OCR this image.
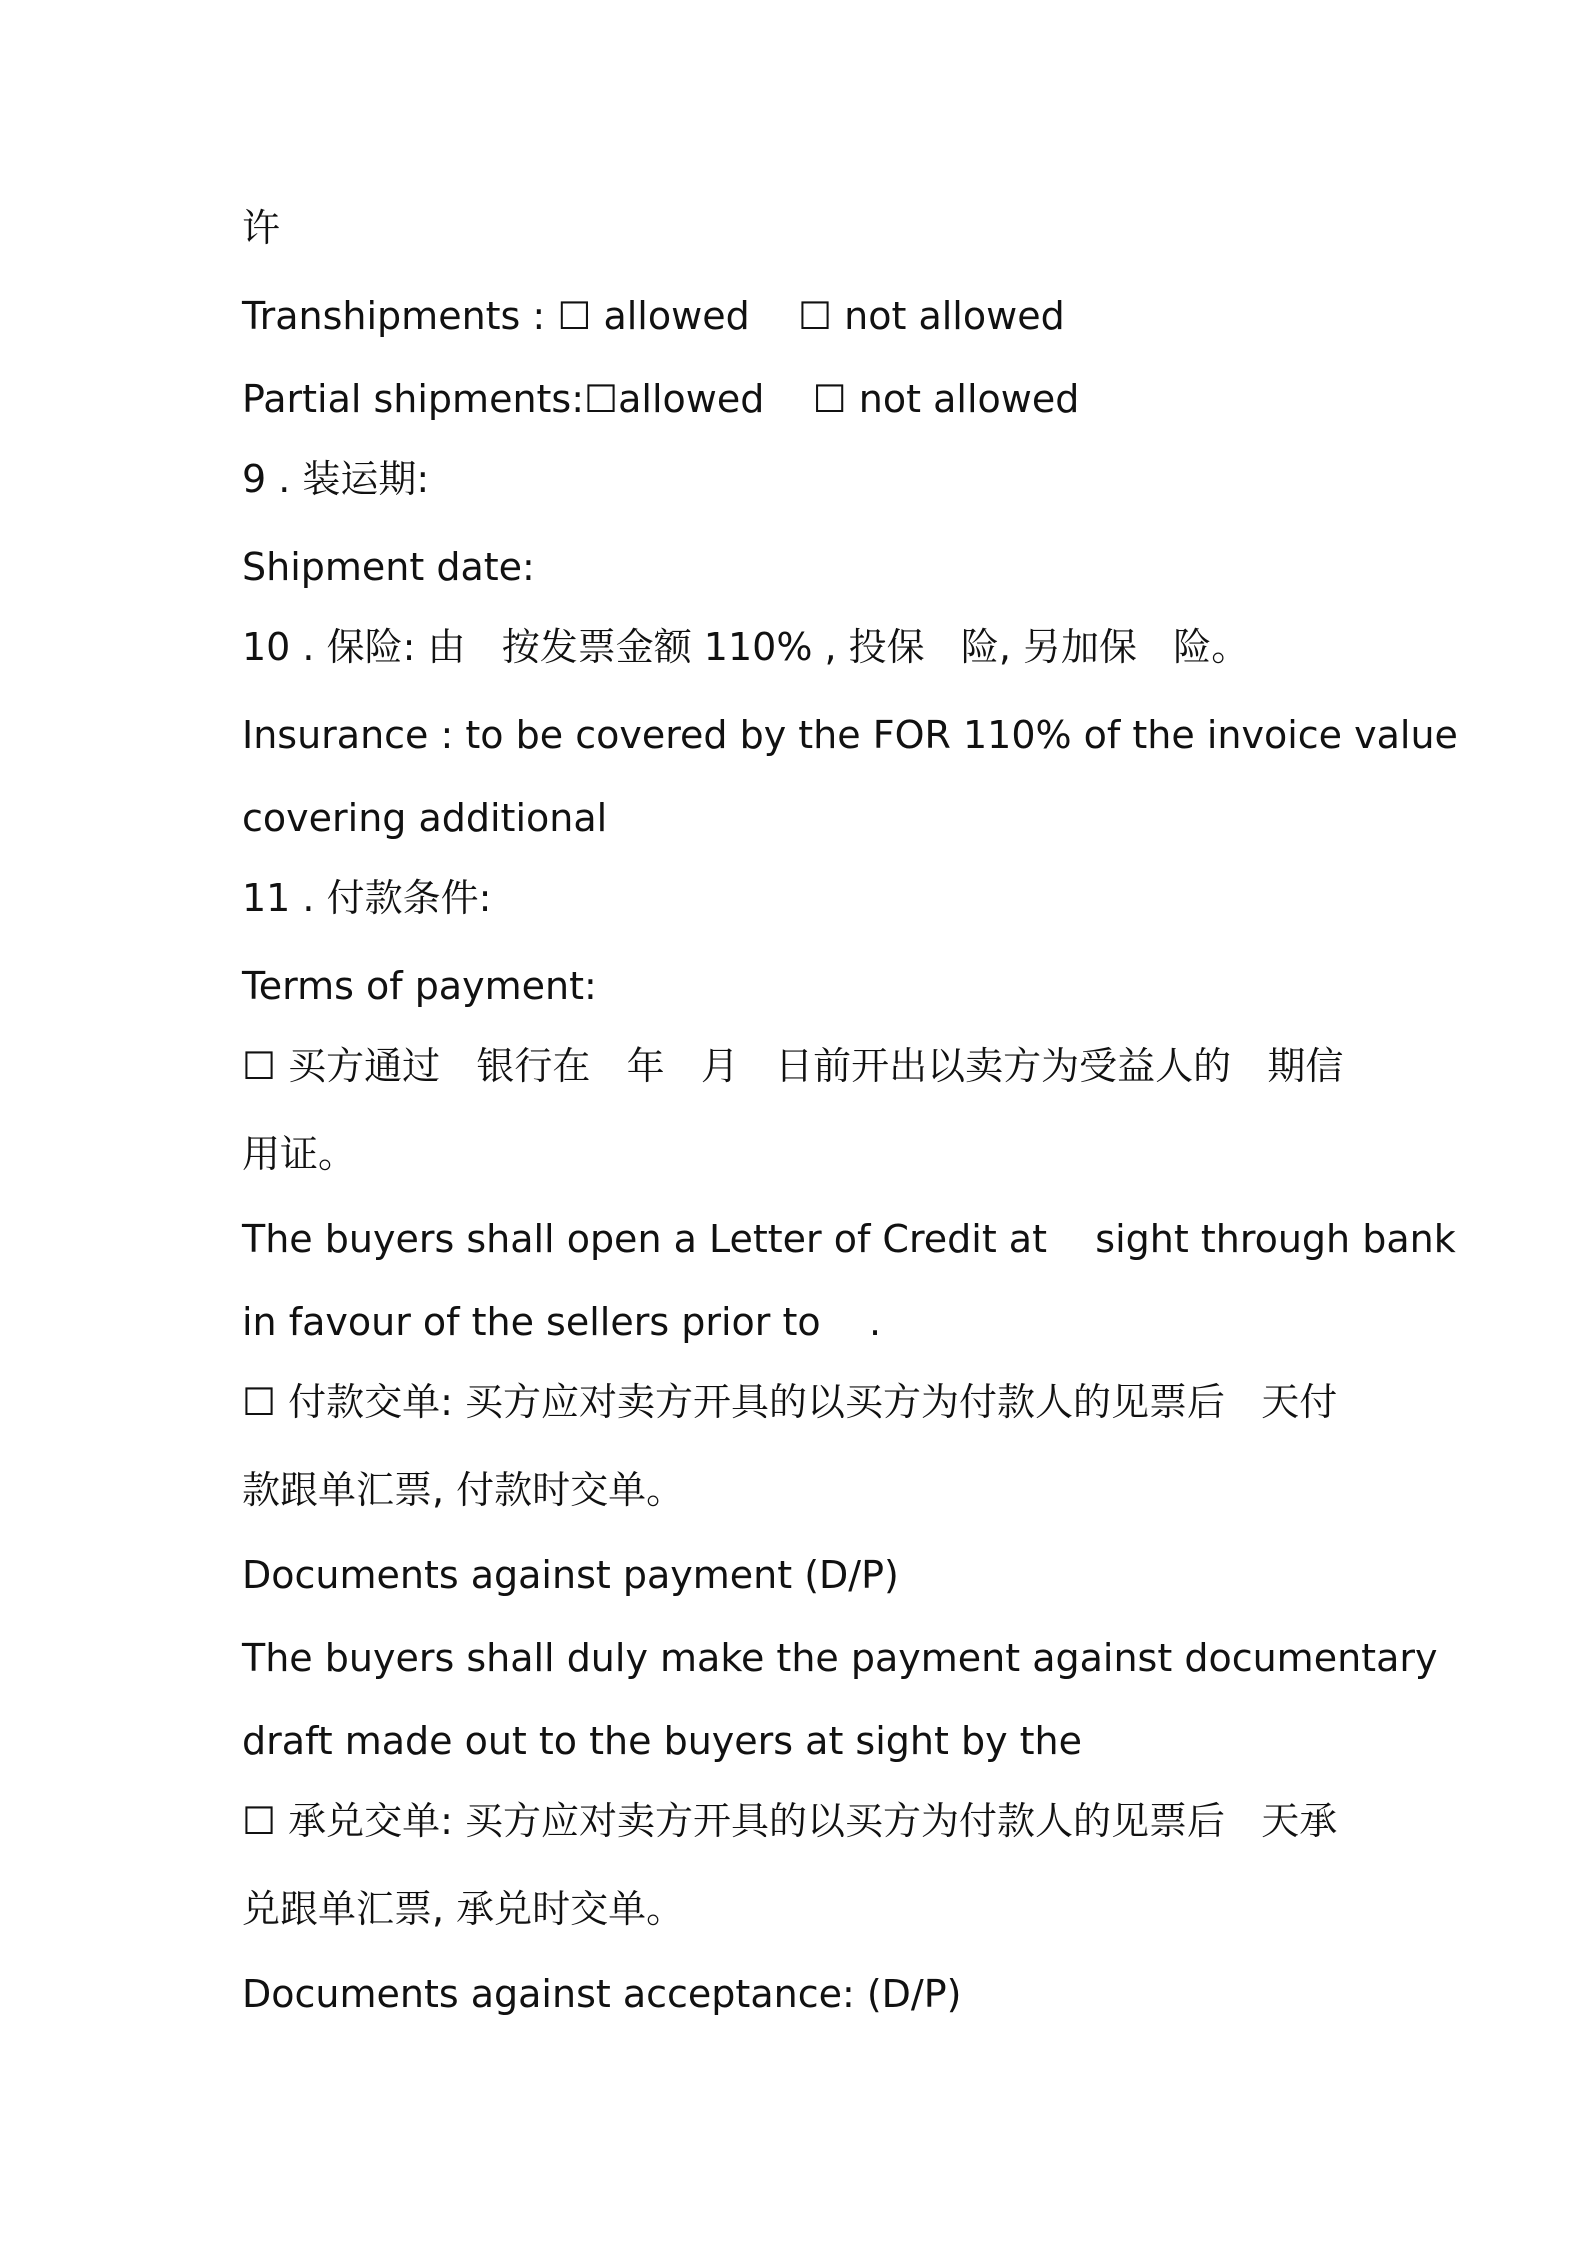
许
Transhipments : ☐ allowed    ☐ not allowed
Partial shipments:☐allowed    ☐ not allowed
9 . 装运期:
Shipment date:
10 . 保险: 由   按发票金额 110% , 投保   险, 另加保   险。
Insurance : to be covered by the FOR 110% of the invoice value
covering additional
11 . 付款条件:
Terms of payment:
☐ 买方通过   银行在   年   月   日前开出以卖方为受益人的   期信
用证。
The buyers shall open a Letter of Credit at    sight through bank
in favour of the sellers prior to    .
☐ 付款交单: 买方应对卖方开具的以买方为付款人的见票后   天付
款跟单汇票, 付款时交单。
Documents against payment (D/P)
The buyers shall duly make the payment against documentary
draft made out to the buyers at sight by the
☐ 承兑交单: 买方应对卖方开具的以买方为付款人的见票后   天承
兑跟单汇票, 承兑时交单。
Documents against acceptance: (D/P)
